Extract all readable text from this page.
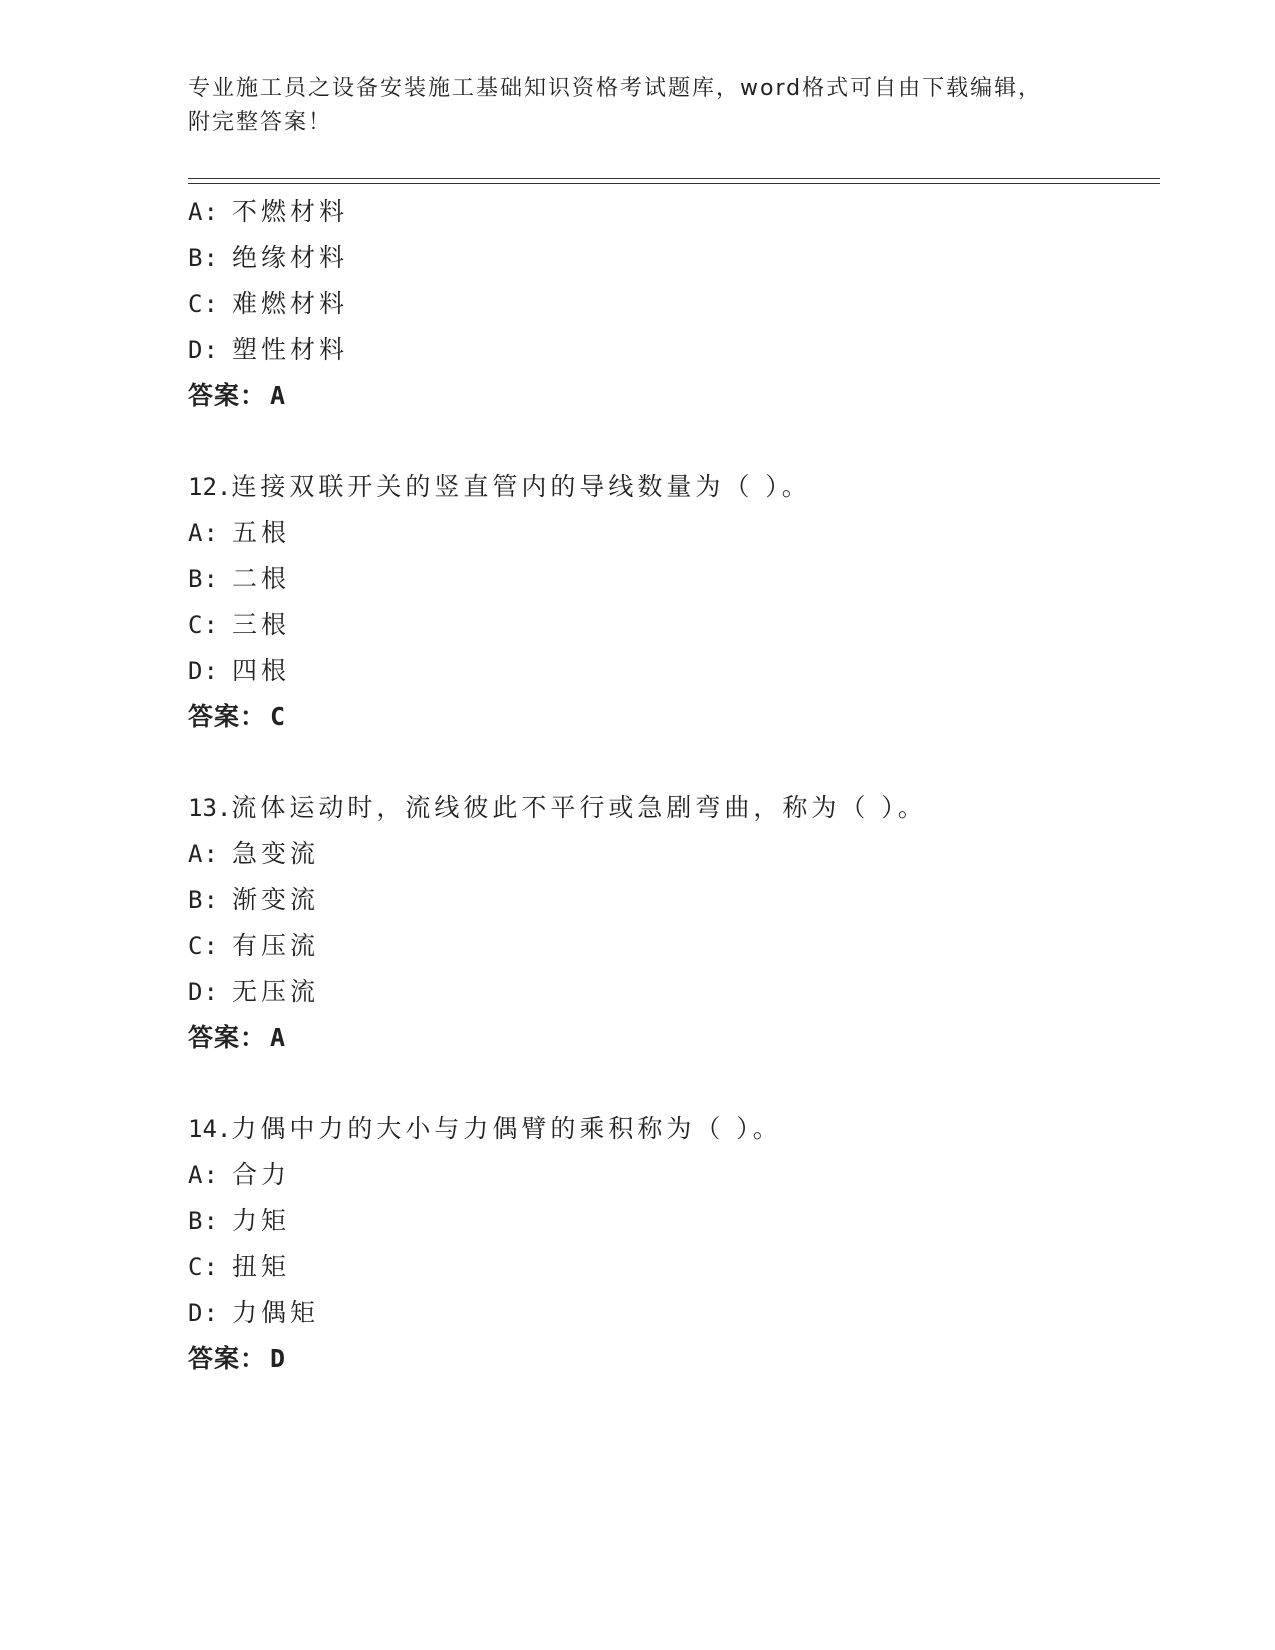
专业施工员之设备安装施工基础知识资格考试题库，word格式可自由下载编辑，
附完整答案！
A: 不燃材料
B: 绝缘材料
C: 难燃材料
D: 塑性材料
答案： A
12.连接双联开关的竖直管内的导线数量为（ ）。
A: 五根
B: 二根
C: 三根
D: 四根
答案： C
13.流体运动时，流线彼此不平行或急剧弯曲，称为（ ）。
A: 急变流
B: 渐变流
C: 有压流
D: 无压流
答案： A
14.力偶中力的大小与力偶臂的乘积称为（ ）。
A: 合力
B: 力矩
C: 扭矩
D: 力偶矩
答案： D
